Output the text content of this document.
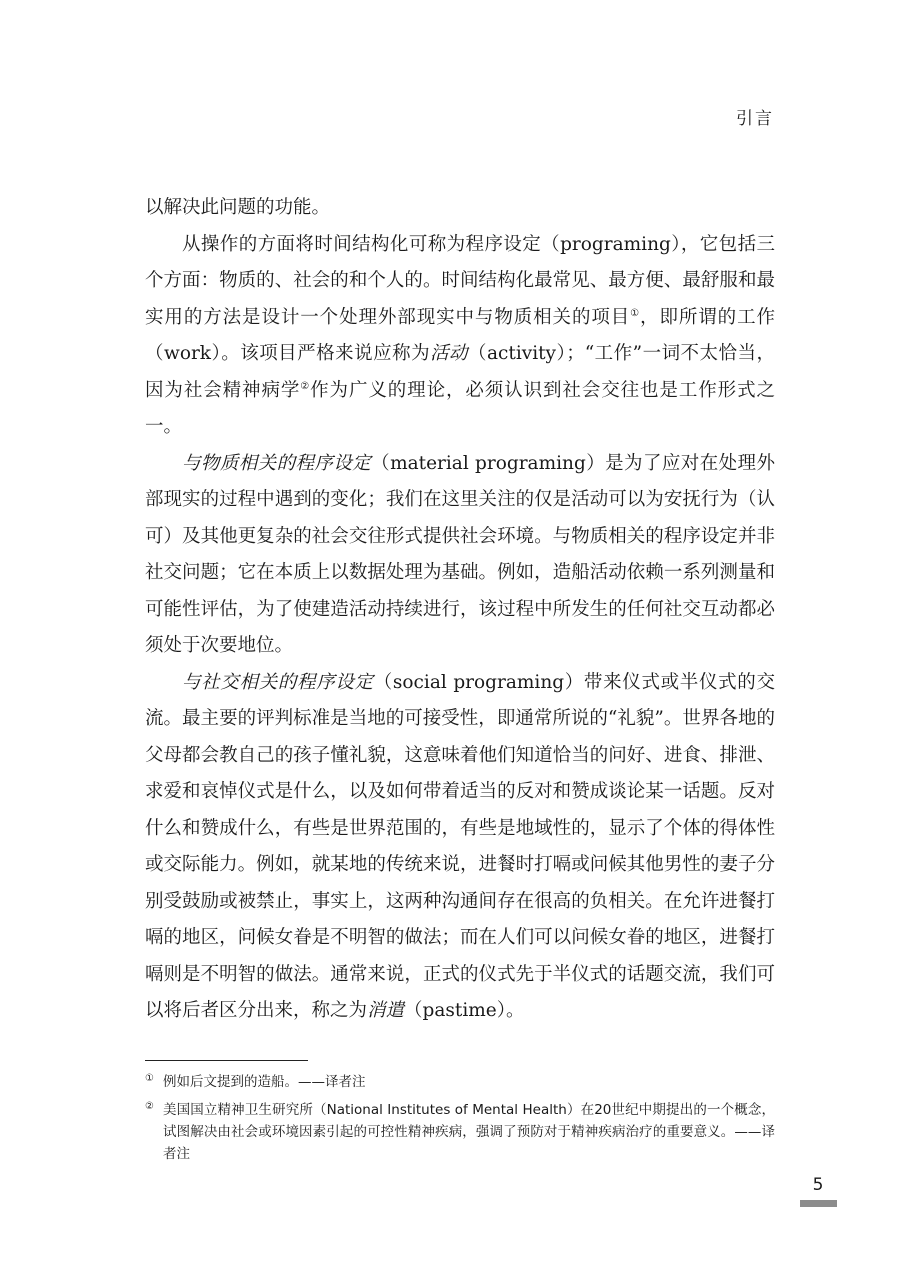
引言

以解决此问题的功能。

从操作的方面将时间结构化可称为程序设定（programing），它包括三个方面：物质的、社会的和个人的。时间结构化最常见、最方便、最舒服和最实用的方法是设计一个处理外部现实中与物质相关的项目①，即所谓的工作（work）。该项目严格来说应称为活动（activity）；“工作”一词不太恰当，因为社会精神病学②作为广义的理论，必须认识到社会交往也是工作形式之一。

与物质相关的程序设定（material programing）是为了应对在处理外部现实的过程中遇到的变化；我们在这里关注的仅是活动可以为安抚行为（认可）及其他更复杂的社会交往形式提供社会环境。与物质相关的程序设定并非社交问题；它在本质上以数据处理为基础。例如，造船活动依赖一系列测量和可能性评估，为了使建造活动持续进行，该过程中所发生的任何社交互动都必须处于次要地位。

与社交相关的程序设定（social programing）带来仪式或半仪式的交流。最主要的评判标准是当地的可接受性，即通常所说的“礼貌”。世界各地的父母都会教自己的孩子懂礼貌，这意味着他们知道恰当的问好、进食、排泄、求爱和哀悼仪式是什么，以及如何带着适当的反对和赞成谈论某一话题。反对什么和赞成什么，有些是世界范围的，有些是地域性的，显示了个体的得体性或交际能力。例如，就某地的传统来说，进餐时打嗝或问候其他男性的妻子分别受鼓励或被禁止，事实上，这两种沟通间存在很高的负相关。在允许进餐打嗝的地区，问候女眷是不明智的做法；而在人们可以问候女眷的地区，进餐打嗝则是不明智的做法。通常来说，正式的仪式先于半仪式的话题交流，我们可以将后者区分出来，称之为消遣（pastime）。

① 例如后文提到的造船。——译者注

② 美国国立精神卫生研究所（National Institutes of Mental Health）在20世纪中期提出的一个概念，试图解决由社会或环境因素引起的可控性精神疾病，强调了预防对于精神疾病治疗的重要意义。——译者注

5
